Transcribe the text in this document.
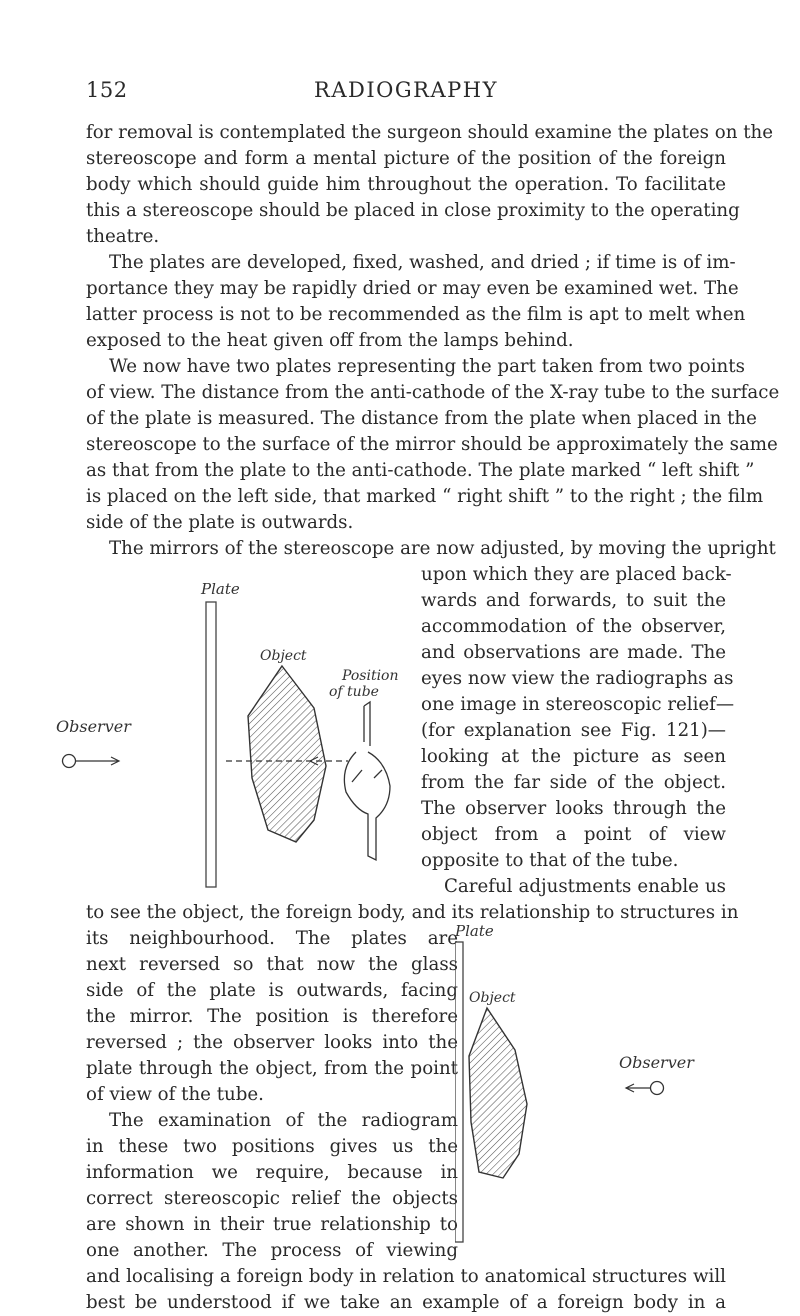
152	RADIOGRAPHY
for removal is contemplated the surgeon should examine the plates on the
stereoscope and form a mental picture of the position of the foreign
body which should guide him throughout the operation. To facilitate
this a stereoscope should be placed in close proximity to the operating
theatre.
The plates are developed, fixed, washed, and dried ; if time is of im-
portance they may be rapidly dried or may even be examined wet. The
latter process is not to be recommended as the film is apt to melt when
exposed to the heat given off from the lamps behind.
We now have two plates representing the part taken from two points
of view. The distance from the anti-cathode of the X-ray tube to the surface
of the plate is measured. The distance from the plate when placed in the
stereoscope to the surface of the mirror should be approximately the same
as that from the plate to the anti-cathode. The plate marked “ left shift ”
is placed on the left side, that marked “ right shift ” to the right ; the film
side of the plate is outwards.
The mirrors of the stereoscope are now adjusted, by moving the upright
upon which they are placed back-
wards and forwards, to suit the
accommodation of the observer,
and observations are made. The
eyes now view the radiographs as
one image in stereoscopic relief—
(for explanation see Fig. 121)—
looking at the picture as seen
from the far side of the object.
The observer looks through the
object from a point of view
opposite to that of the tube.
Careful adjustments enable us
to see the object, the foreign body, and its relationship to structures in
its neighbourhood. The plates are
next reversed so that now the glass
side of the plate is outwards, facing
the mirror. The position is therefore
reversed ; the observer looks into the
plate through the object, from the point
of view of the tube.
The examination of the radiogram
in these two positions gives us the
information we require, because in
correct stereoscopic relief the objects
are shown in their true relationship to
one another. The process of viewing
and localising a foreign body in relation to anatomical structures will
best be understood if we take an example of a foreign body in a
Plate
Object
Position
of tube
Observer
Plate
Object
Observer
